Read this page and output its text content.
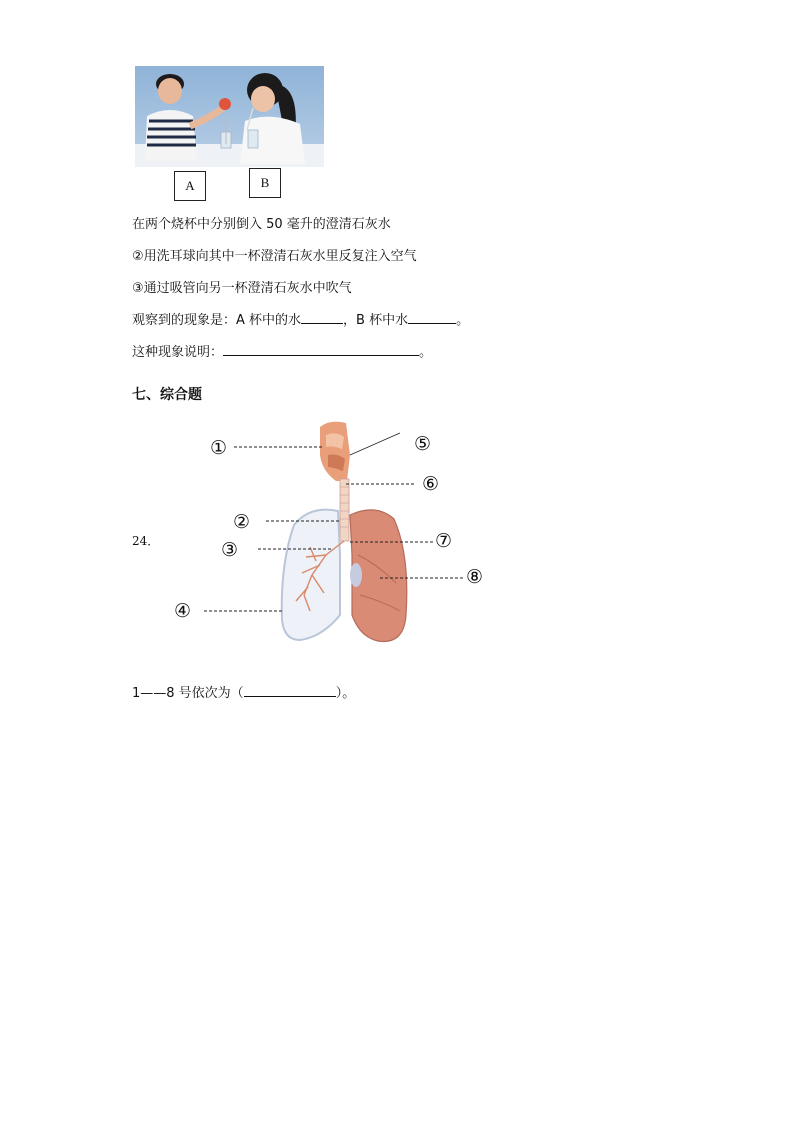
A	B
在两个烧杯中分别倒入 50 毫升的澄清石灰水
②用洗耳球向其中一杯澄清石灰水里反复注入空气
③通过吸管向另一杯澄清石灰水中吹气
观察到的现象是：A 杯中的水	，B 杯中水	。
这种现象说明：	。
七、综合题
24．
①
②
③
④
⑤
⑥
⑦
⑧
1——8 号依次为（	）。
